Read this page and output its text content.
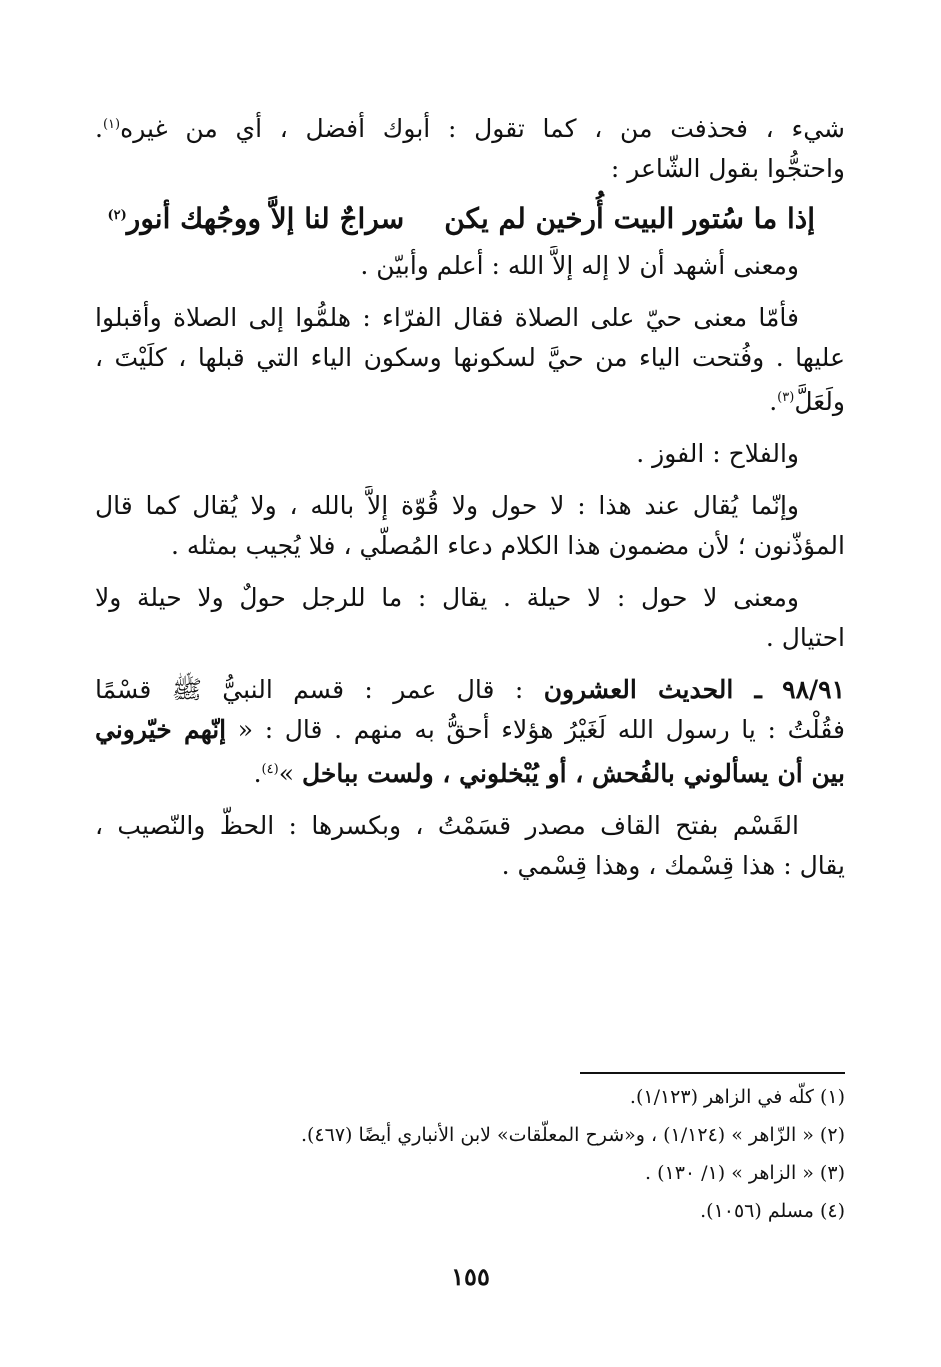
شيء ، فحذفت من ، كما تقول : أبوك أفضل ، أي من غيره$^{(١)}$.
واحتجُّوا بقول الشّاعر :
إذا ما سُتور البيت أُرخين لم يكنسراجٌ لنا إلاَّ ووجُهك أنور$^{(٢)}$
ومعنى أشهد أن لا إله إلاَّ الله : أعلم وأبيّن .
فأمّا معنى حيّ على الصلاة فقال الفرّاء : هلمُّوا إلى الصلاة وأقبلوا
عليها . وفُتحت الياء من حيَّ لسكونها وسكون الياء التي قبلها ، كلَيْتَ ،
ولَعَلَّ$^{(٣)}$.
والفلاح : الفوز .
وإنّما يُقال عند هذا : لا حول ولا قُوّة إلاَّ بالله ، ولا يُقال كما قال
المؤذّنون ؛ لأن مضمون هذا الكلام دعاء المُصلّي ، فلا يُجيب بمثله .
ومعنى لا حول : لا حيلة . يقال : ما للرجل حولٌ ولا حيلة ولا
احتيال .
٩٨/٩١ ـ الحديث العشرون : قال عمر : قسم النبيُّ ﷺ قسْمًا
فقُلْتُ : يا رسول الله لَغَيْرُ هؤلاء أحقُّ به منهم . قال : « إنّهم خيّروني
بين أن يسألوني بالفُحش ، أو يُبْخلوني ، ولست بباخل »$^{(٤)}$.
القَسْم بفتح القاف مصدر قسَمْتُ ، وبكسرها : الحظّ والنّصيب ،
يقال : هذا قِسْمك ، وهذا قِسْمي .
(١) كلّه في الزاهر (١/١٢٣).
(٢) « الزّاهر » (١/١٢٤) ، و«شرح المعلّقات» لابن الأنباري أيضًا (٤٦٧).
(٣) « الزاهر » (١/ ١٣٠) .
(٤) مسلم (١٠٥٦).
١٥٥
